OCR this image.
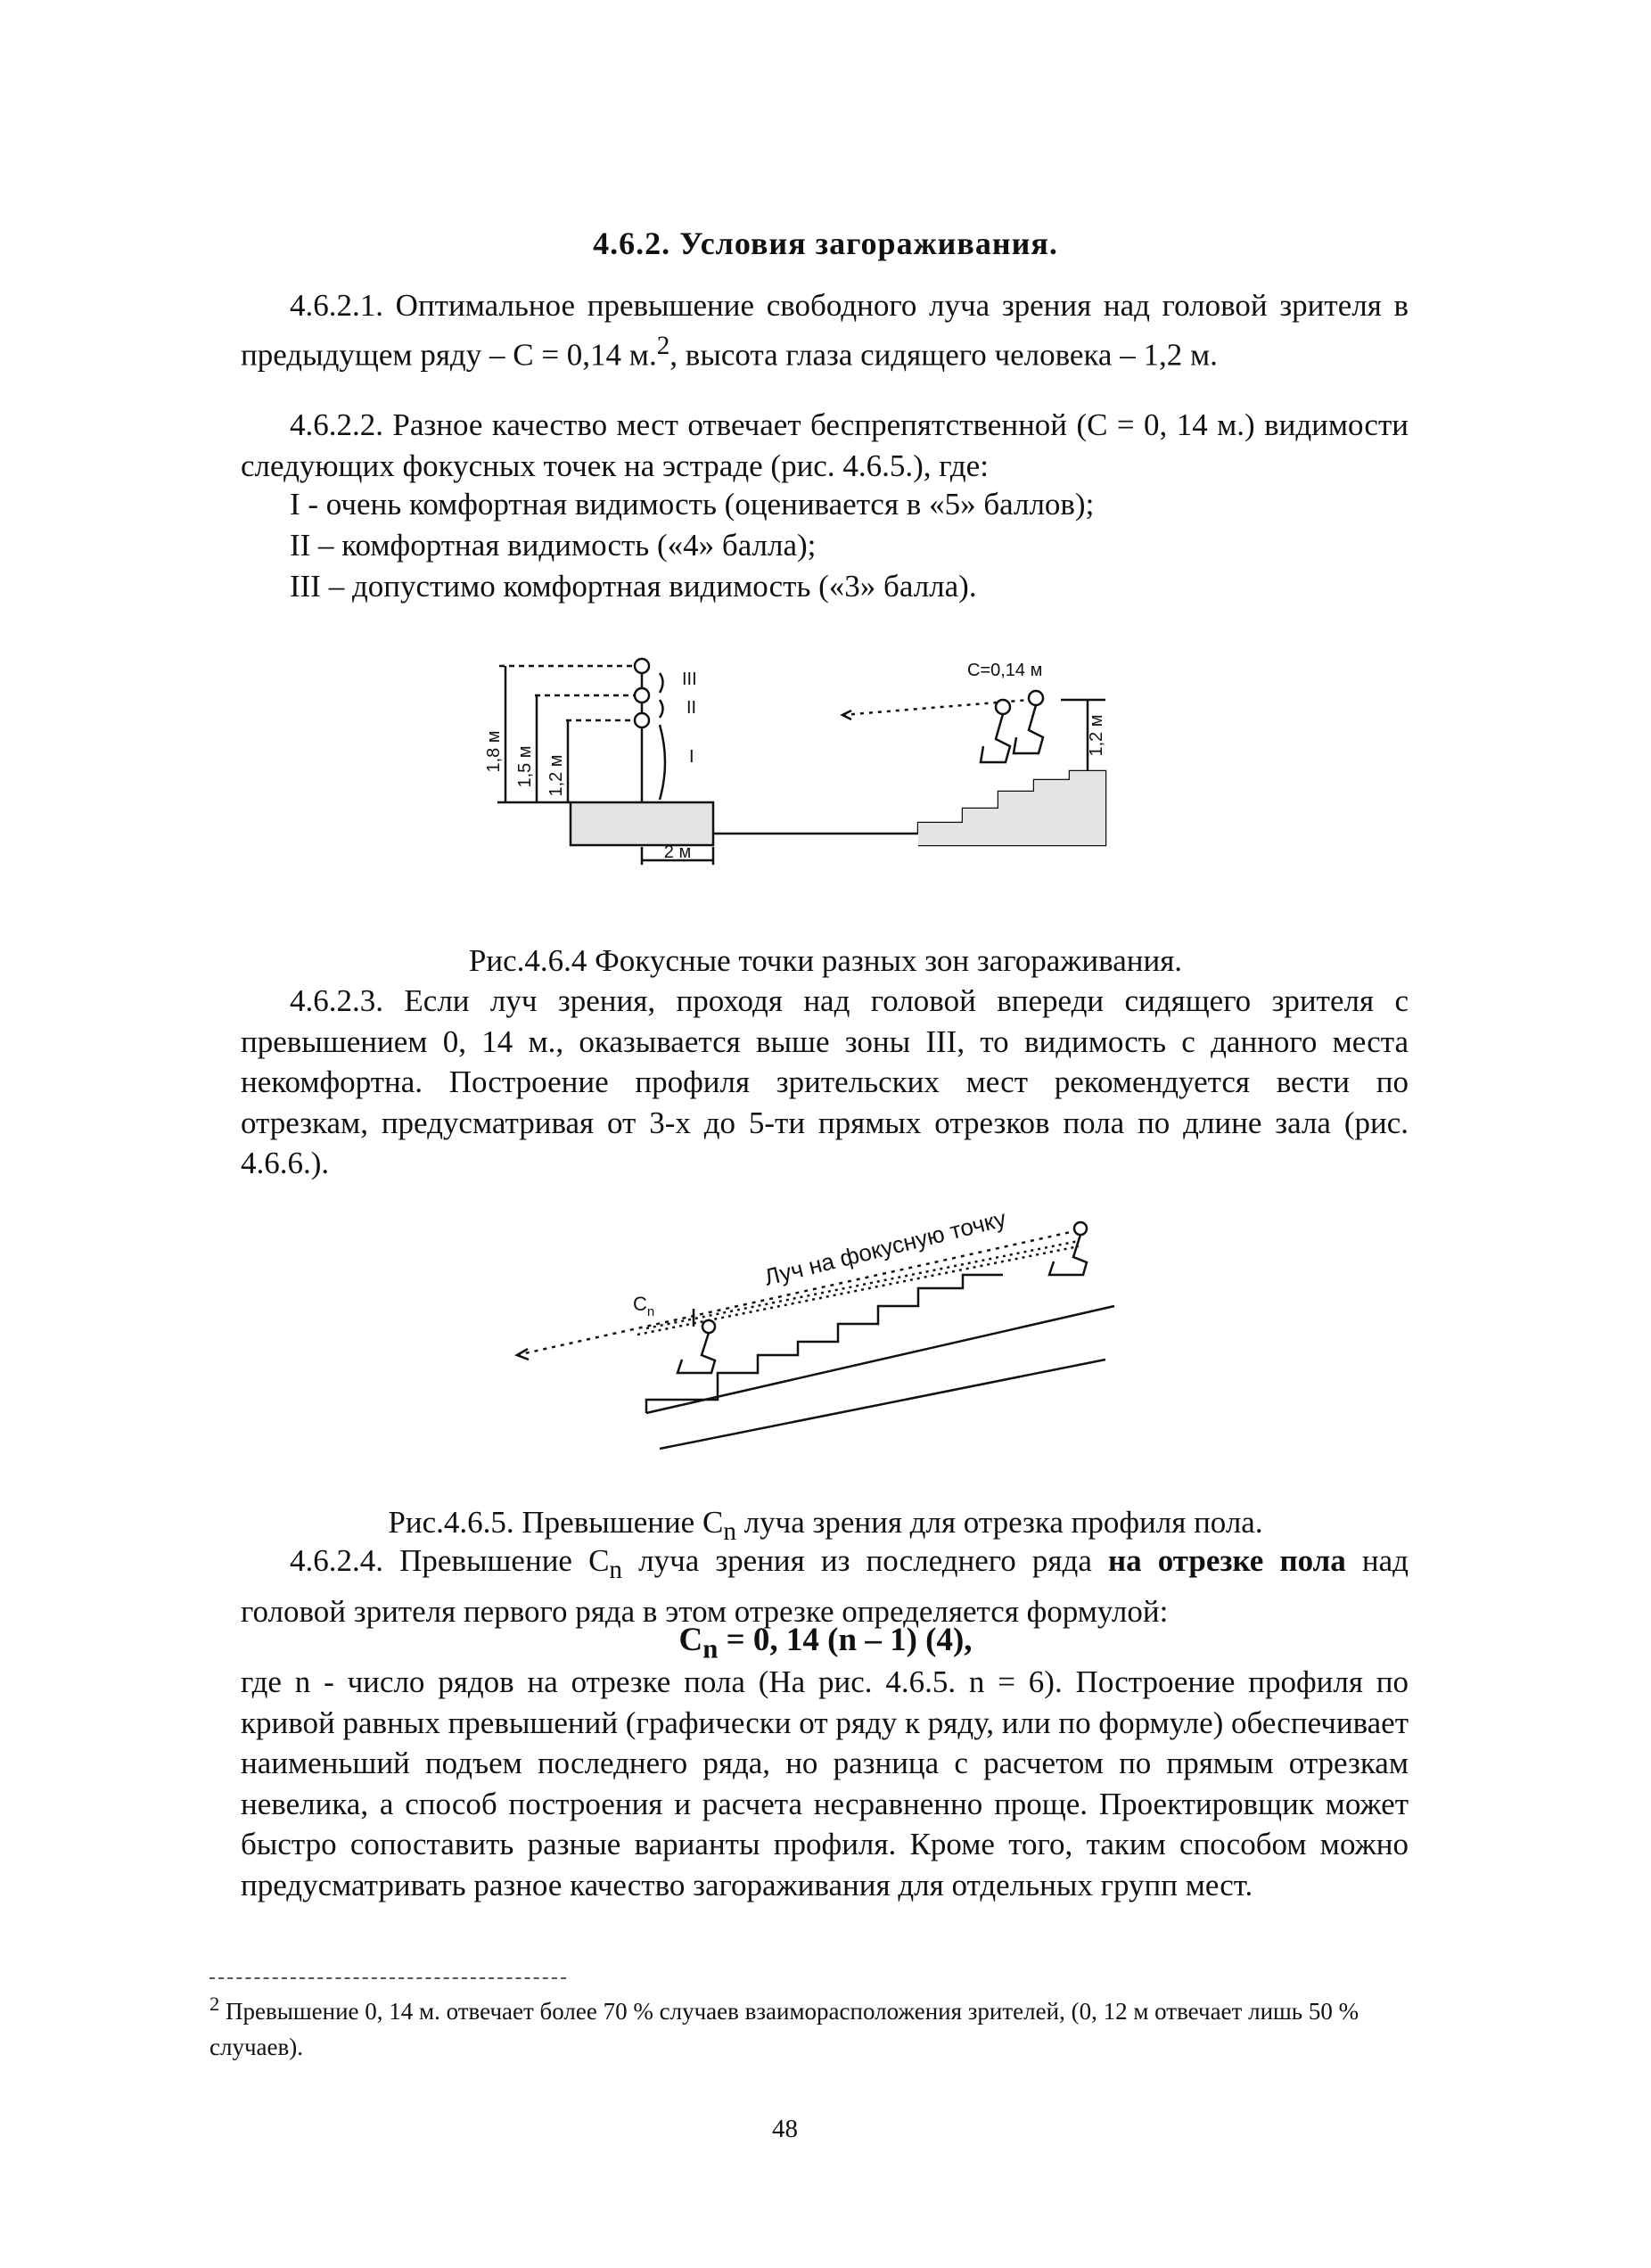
4.6.2. Условия загораживания.

4.6.2.1. Оптимальное превышение свободного луча зрения над головой зрителя в предыдущем ряду – С = 0,14 м.$^2$, высота глаза сидящего человека – 1,2 м.

4.6.2.2. Разное качество мест отвечает беспрепятственной (С = 0, 14 м.) видимости следующих фокусных точек на эстраде (рис. 4.6.5.), где:

I - очень комфортная видимость (оценивается в «5» баллов);
II – комфортная видимость («4» балла);
III – допустимо комфортная видимость («3» балла).
1,8 м 1,5 м 1,2 м
1,2 м
2 м
III
II
I
С=0,14 м
Рис.4.6.4 Фокусные точки разных зон загораживания.

4.6.2.3. Если луч зрения, проходя над головой впереди сидящего зрителя с превышением 0, 14 м., оказывается выше зоны III, то видимость с данного места некомфортна. Построение профиля зрительских мест рекомендуется вести по отрезкам, предусматривая от 3-х до 5-ти прямых отрезков пола по длине зала (рис. 4.6.6.).

Луч на фокусную точку
$С_n$
Рис.4.6.5. Превышение $С_n$ луча зрения для отрезка профиля пола.

4.6.2.4. Превышение $С_n$ луча зрения из последнего ряда на отрезке пола над головой зрителя первого ряда в этом отрезке определяется формулой:

$С_n = 0$, 14 (n – 1) (4),

где n - число рядов на отрезке пола (На рис. 4.6.5. n = 6). Построение профиля по кривой равных превышений (графически от ряду к ряду, или по формуле) обеспечивает наименьший подъем последнего ряда, но разница с расчетом по прямым отрезкам невелика, а способ построения и расчета несравненно проще. Проектировщик может быстро сопоставить разные варианты профиля. Кроме того, таким способом можно предусматривать разное качество загораживания для отдельных групп мест.

$^2$ Превышение 0, 14 м. отвечает более 70 % случаев взаиморасположения зрителей, (0, 12 м отвечает лишь 50 % случаев).
48
